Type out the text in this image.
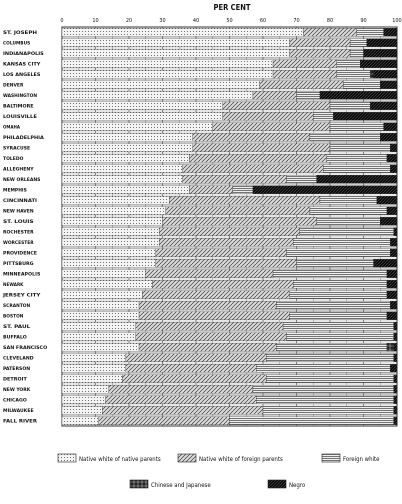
PER CENT
0	10	20	30	40	50	60	70	80	90	100
ST. JOSEPH
COLUMBUS
INDIANAPOLIS
KANSAS CITY
LOS ANGELES
DENVER
WASHINGTON
BALTIMORE
LOUISVILLE
OMAHA
PHILADELPHIA
SYRACUSE
TOLEDO
ALLEGHENY
NEW ORLEANS
MEMPHIS
CINCINNATI
NEW HAVEN
ST. LOUIS
ROCHESTER
WORCESTER
PROVIDENCE
PITTSBURG
MINNEAPOLIS
NEWARK
JERSEY CITY
SCRANTON
BOSTON
ST. PAUL
BUFFALO
SAN FRANCISCO
CLEVELAND
PATERSON
DETROIT
NEW YORK
CHICAGO
MILWAUKEE
FALL RIVER
Native white of native parents	Native white of foreign parents	Foreign white
Chinese and Japanese	Negro
